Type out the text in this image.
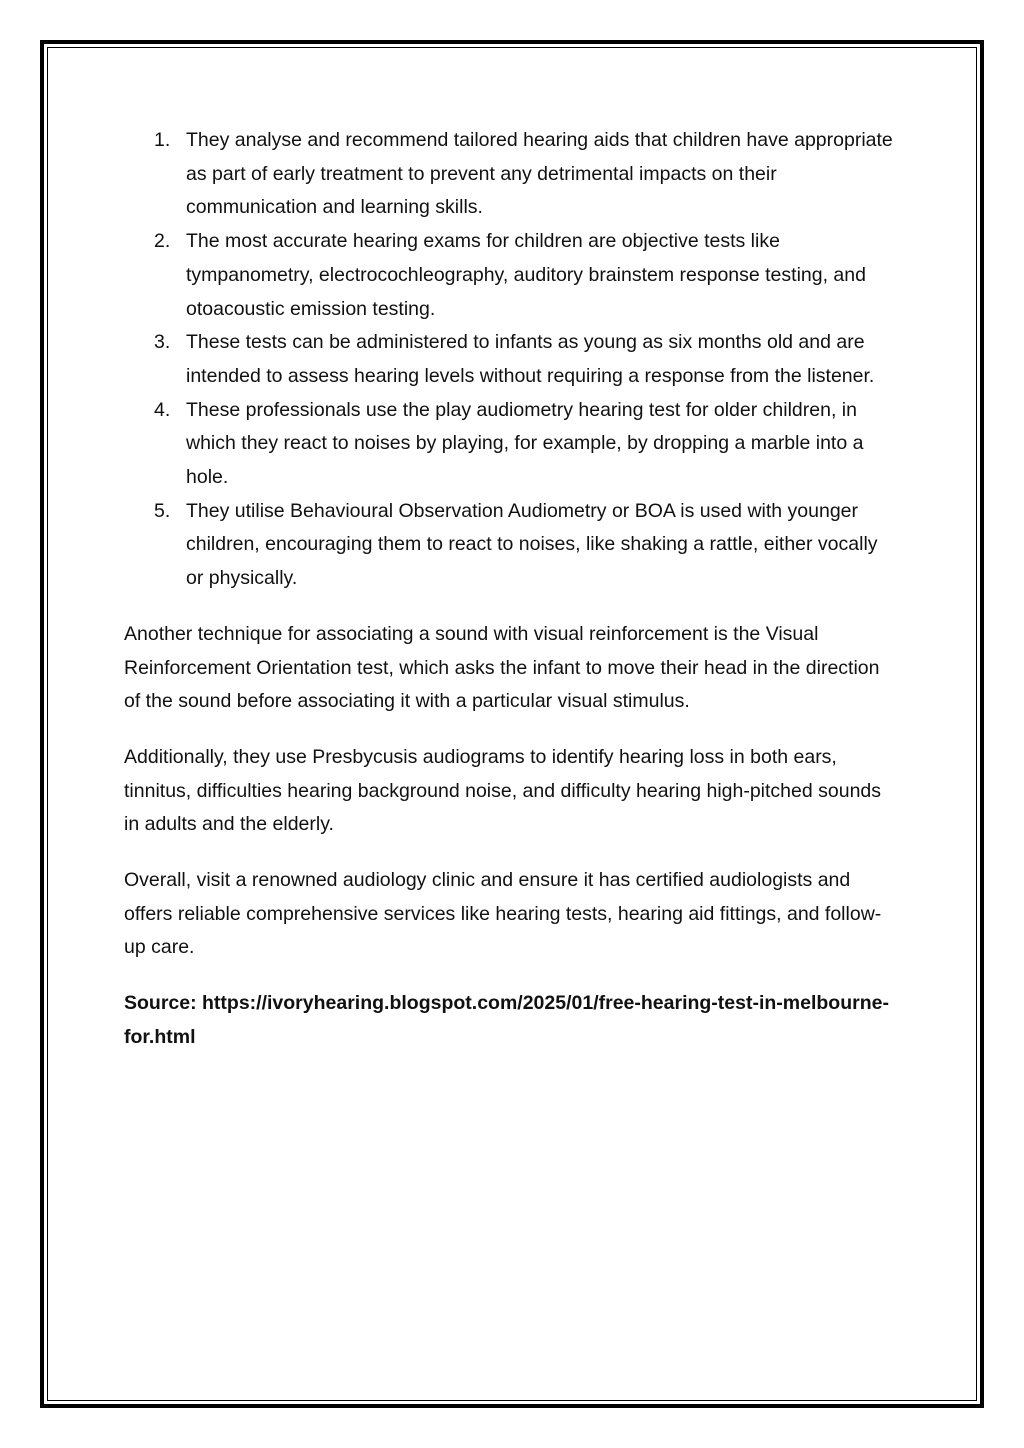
1. They analyse and recommend tailored hearing aids that children have appropriate as part of early treatment to prevent any detrimental impacts on their communication and learning skills.
2. The most accurate hearing exams for children are objective tests like tympanometry, electrocochleography, auditory brainstem response testing, and otoacoustic emission testing.
3. These tests can be administered to infants as young as six months old and are intended to assess hearing levels without requiring a response from the listener.
4. These professionals use the play audiometry hearing test for older children, in which they react to noises by playing, for example, by dropping a marble into a hole.
5. They utilise Behavioural Observation Audiometry or BOA is used with younger children, encouraging them to react to noises, like shaking a rattle, either vocally or physically.

Another technique for associating a sound with visual reinforcement is the Visual Reinforcement Orientation test, which asks the infant to move their head in the direction of the sound before associating it with a particular visual stimulus.

Additionally, they use Presbycusis audiograms to identify hearing loss in both ears, tinnitus, difficulties hearing background noise, and difficulty hearing high-pitched sounds in adults and the elderly.

Overall, visit a renowned audiology clinic and ensure it has certified audiologists and offers reliable comprehensive services like hearing tests, hearing aid fittings, and follow-up care.

Source: https://ivoryhearing.blogspot.com/2025/01/free-hearing-test-in-melbourne-for.html
